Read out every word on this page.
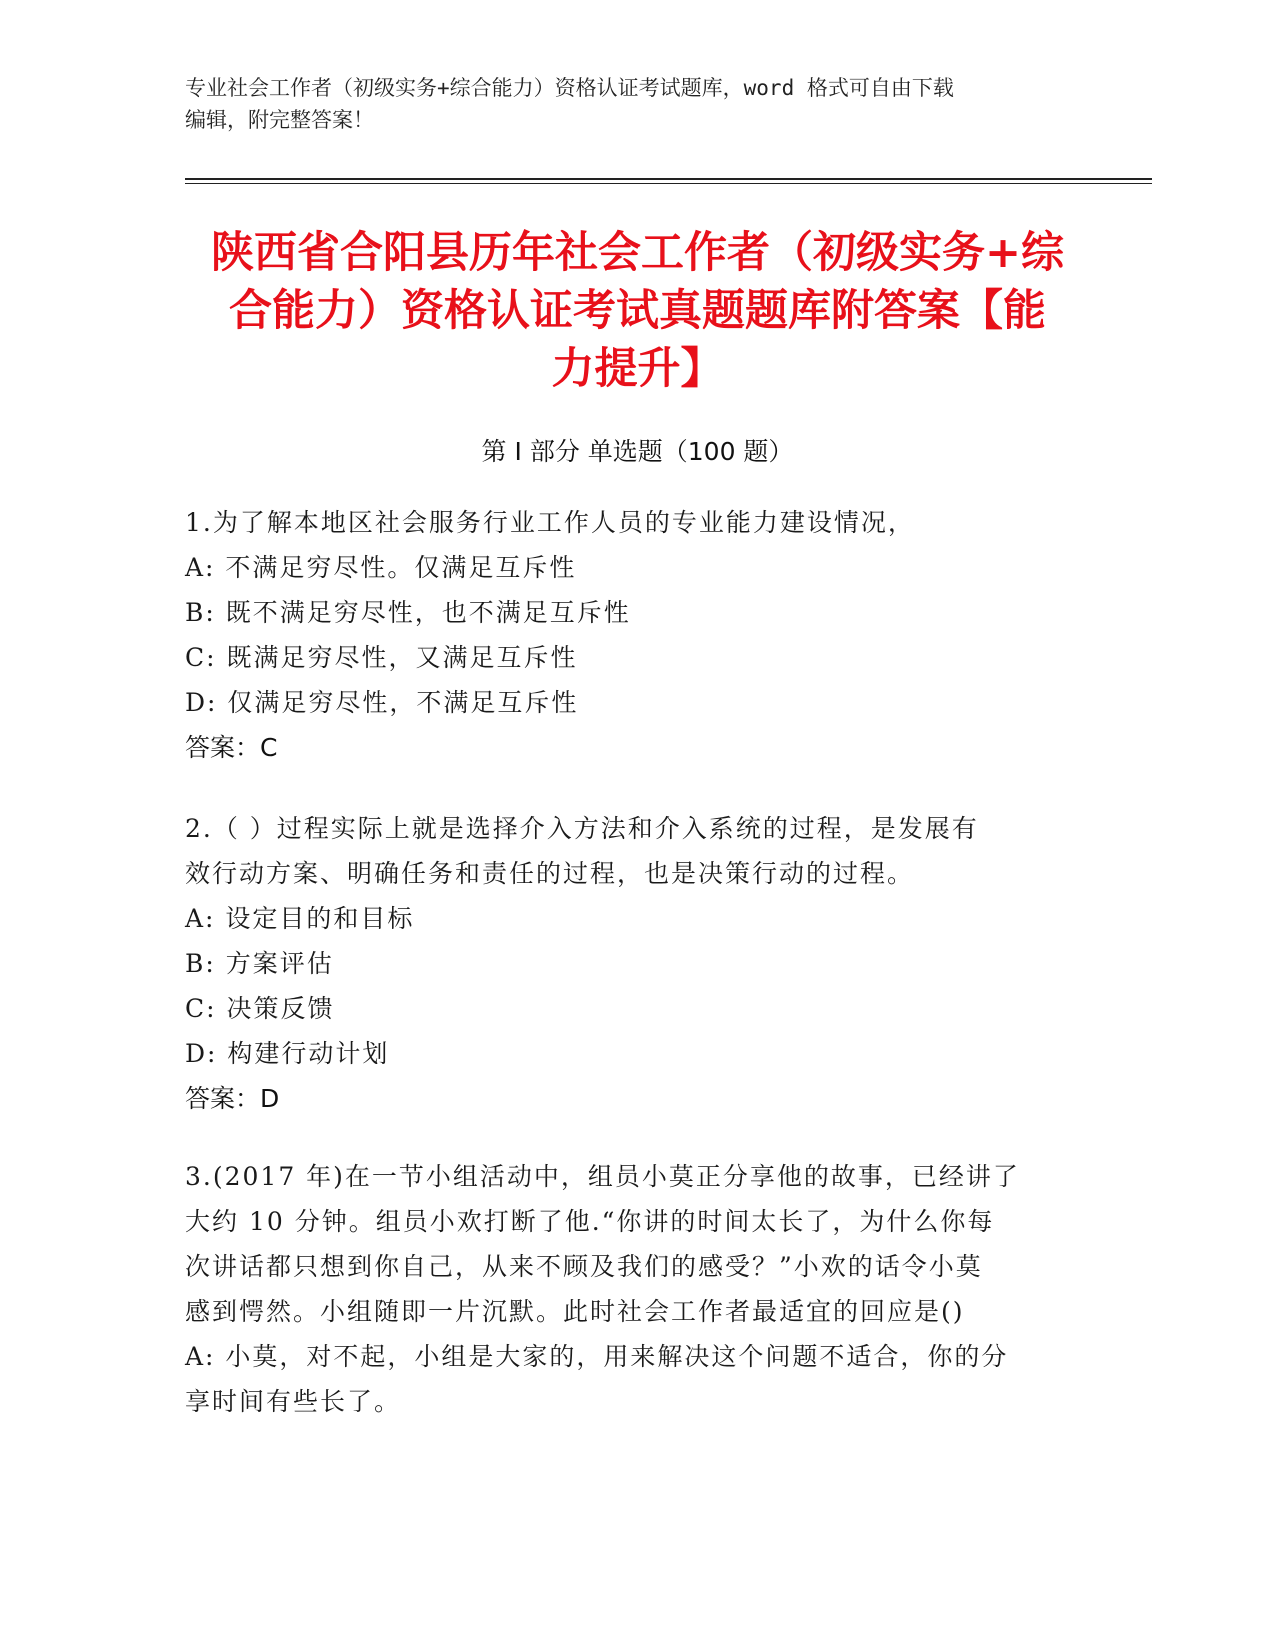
专业社会工作者（初级实务+综合能力）资格认证考试题库，word 格式可自由下载
编辑，附完整答案！
陕西省合阳县历年社会工作者（初级实务+综
合能力）资格认证考试真题题库附答案【能
力提升】
第 I 部分 单选题（100 题）

1.为了解本地区社会服务行业工作人员的专业能力建设情况，

A: 不满足穷尽性。仅满足互斥性

B: 既不满足穷尽性，也不满足互斥性

C: 既满足穷尽性，又满足互斥性

D: 仅满足穷尽性，不满足互斥性

答案：C

2.（ ）过程实际上就是选择介入方法和介入系统的过程，是发展有

效行动方案、明确任务和责任的过程，也是决策行动的过程。

A: 设定目的和目标

B: 方案评估

C: 决策反馈

D: 构建行动计划

答案：D

3.(2017 年)在一节小组活动中，组员小莫正分享他的故事，已经讲了

大约 10 分钟。组员小欢打断了他.“你讲的时间太长了，为什么你每

次讲话都只想到你自己，从来不顾及我们的感受？”小欢的话令小莫

感到愕然。小组随即一片沉默。此时社会工作者最适宜的回应是()

A: 小莫，对不起，小组是大家的，用来解决这个问题不适合，你的分

享时间有些长了。
